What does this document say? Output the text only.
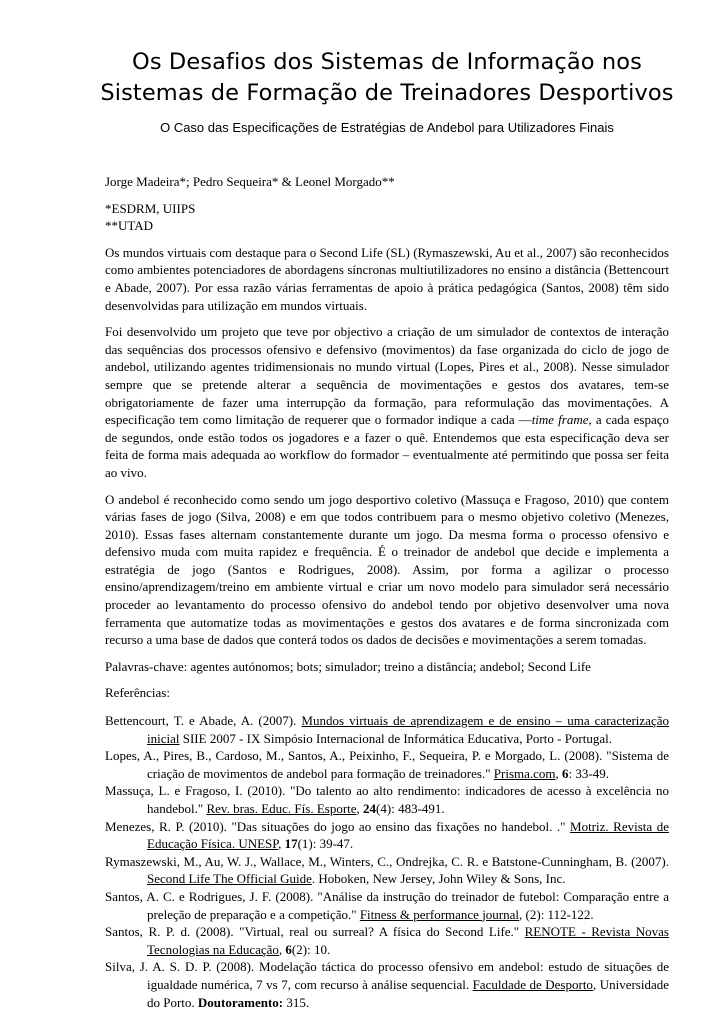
Os Desafios dos Sistemas de Informação nos
Sistemas de Formação de Treinadores Desportivos
O Caso das Especificações de Estratégias de Andebol para Utilizadores Finais
Jorge Madeira*; Pedro Sequeira* & Leonel Morgado**
*ESDRM, UIIPS
**UTAD

Os mundos virtuais com destaque para o Second Life (SL) (Rymaszewski, Au et al., 2007) são reconhecidos como ambientes potenciadores de abordagens síncronas multiutilizadores no ensino a distância (Bettencourt e Abade, 2007). Por essa razão várias ferramentas de apoio à prática pedagógica (Santos, 2008) têm sido desenvolvidas para utilização em mundos virtuais.

Foi desenvolvido um projeto que teve por objectivo a criação de um simulador de contextos de interação das sequências dos processos ofensivo e defensivo (movimentos) da fase organizada do ciclo de jogo de andebol, utilizando agentes tridimensionais no mundo virtual (Lopes, Pires et al., 2008). Nesse simulador sempre que se pretende alterar a sequência de movimentações e gestos dos avatares, tem-se obrigatoriamente de fazer uma interrupção da formação, para reformulação das movimentações. A especificação tem como limitação de requerer que o formador indique a cada ―time frame, a cada espaço de segundos, onde estão todos os jogadores e a fazer o quê. Entendemos que esta especificação deva ser feita de forma mais adequada ao workflow do formador – eventualmente até permitindo que possa ser feita ao vivo.

O andebol é reconhecido como sendo um jogo desportivo coletivo (Massuça e Fragoso, 2010) que contem várias fases de jogo (Silva, 2008) e em que todos contribuem para o mesmo objetivo coletivo (Menezes, 2010). Essas fases alternam constantemente durante um jogo. Da mesma forma o processo ofensivo e defensivo muda com muita rapidez e frequência. É o treinador de andebol que decide e implementa a estratégia de jogo (Santos e Rodrigues, 2008). Assim, por forma a agilizar o processo ensino/aprendizagem/treino em ambiente virtual e criar um novo modelo para simulador será necessário proceder ao levantamento do processo ofensivo do andebol tendo por objetivo desenvolver uma nova ferramenta que automatize todas as movimentações e gestos dos avatares e de forma sincronizada com recurso a uma base de dados que conterá todos os dados de decisões e movimentações a serem tomadas.

Palavras-chave: agentes autónomos; bots; simulador; treino a distância; andebol; Second Life
Referências:

Bettencourt, T. e Abade, A. (2007). Mundos virtuais de aprendizagem e de ensino – uma caracterização inicial SIIE 2007 - IX Simpósio Internacional de Informática Educativa, Porto - Portugal.

Lopes, A., Pires, B., Cardoso, M., Santos, A., Peixinho, F., Sequeira, P. e Morgado, L. (2008). "Sistema de criação de movimentos de andebol para formação de treinadores." Prisma.com, 6: 33-49.

Massuça, L. e Fragoso, I. (2010). "Do talento ao alto rendimento: indicadores de acesso à excelência no handebol." Rev. bras. Educ. Fís. Esporte, 24(4): 483-491.

Menezes, R. P. (2010). "Das situações do jogo ao ensino das fixações no handebol. ." Motriz. Revista de Educação Física. UNESP, 17(1): 39-47.

Rymaszewski, M., Au, W. J., Wallace, M., Winters, C., Ondrejka, C. R. e Batstone-Cunningham, B. (2007). Second Life The Official Guide. Hoboken, New Jersey, John Wiley & Sons, Inc.

Santos, A. C. e Rodrigues, J. F. (2008). "Análise da instrução do treinador de futebol: Comparação entre a preleção de preparação e a competição." Fitness & performance journal, (2): 112-122.

Santos, R. P. d. (2008). "Virtual, real ou surreal? A física do Second Life." RENOTE - Revista Novas Tecnologias na Educação, 6(2): 10.

Silva, J. A. S. D. P. (2008). Modelação táctica do processo ofensivo em andebol: estudo de situações de igualdade numérica, 7 vs 7, com recurso à análise sequencial. Faculdade de Desporto, Universidade do Porto. Doutoramento: 315.
